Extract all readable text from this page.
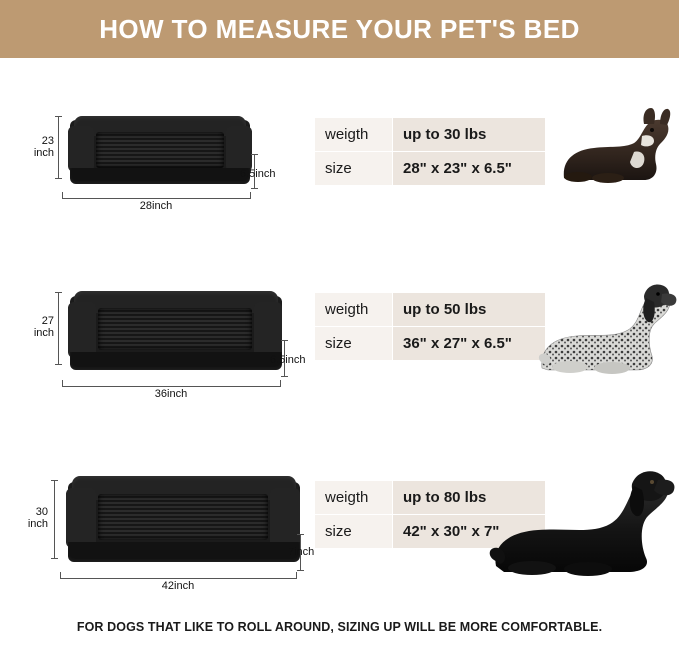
HOW TO MEASURE YOUR PET'S BED
23
inch
28inch
6.5inch
weigth	up to 30 lbs
size	28" x 23" x 6.5"
27
inch
36inch
6.5inch
weigth	up to 50 lbs
size	36" x 27" x 6.5"
30
inch
42inch
7inch
weigth	up to 80 lbs
size	42" x 30" x 7"
FOR DOGS THAT LIKE TO ROLL AROUND, SIZING UP WILL BE MORE COMFORTABLE.
